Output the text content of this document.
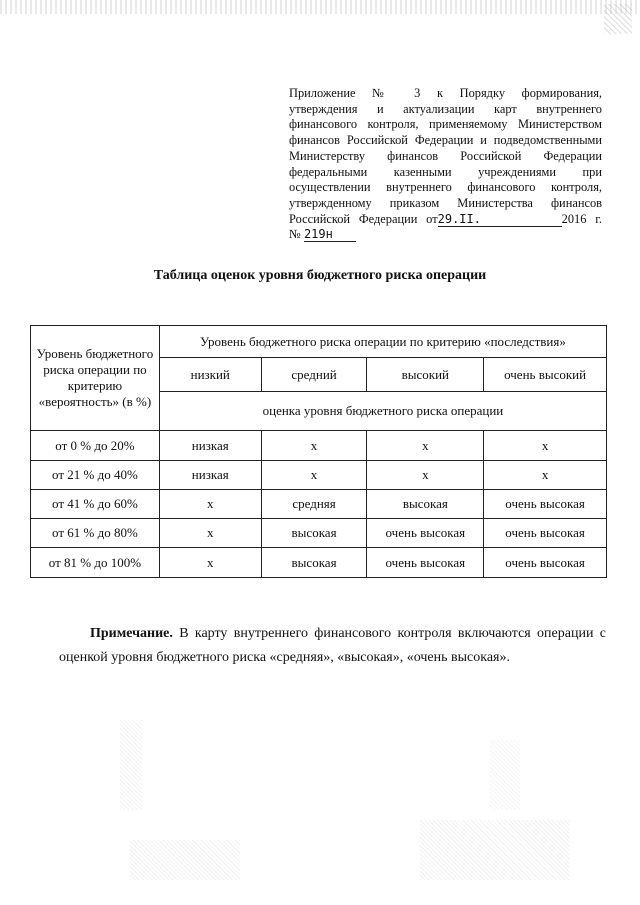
Приложение № 3 к Порядку формирования,
утверждения и актуализации карт внутреннего
финансового контроля, применяемому Министерством
финансов Российской Федерации и подведомственными
Министерству финансов Российской Федерации
федеральными казенными учреждениями при
осуществлении внутреннего финансового контроля,
утвержденному приказом Министерства финансов
Российской Федерации от29.II.	2016 г.
№ 219н
Таблица оценок уровня бюджетного риска операции
Уровень бюджетного риска операции по критерию «вероятность» (в %)	Уровень бюджетного риска операции по критерию «последствия»			
	низкий	средний	высокий	очень высокий
	оценка уровня бюджетного риска операции			
от 0 % до 20%	низкая	х	х	х
от 21 % до 40%	низкая	х	х	х
от 41 % до 60%	х	средняя	высокая	очень высокая
от 61 % до 80%	х	высокая	очень высокая	очень высокая
от 81 % до 100%	х	высокая	очень высокая	очень высокая
Примечание. В карту внутреннего финансового контроля включаются операции с оценкой уровня бюджетного риска «средняя», «высокая», «очень высокая».
